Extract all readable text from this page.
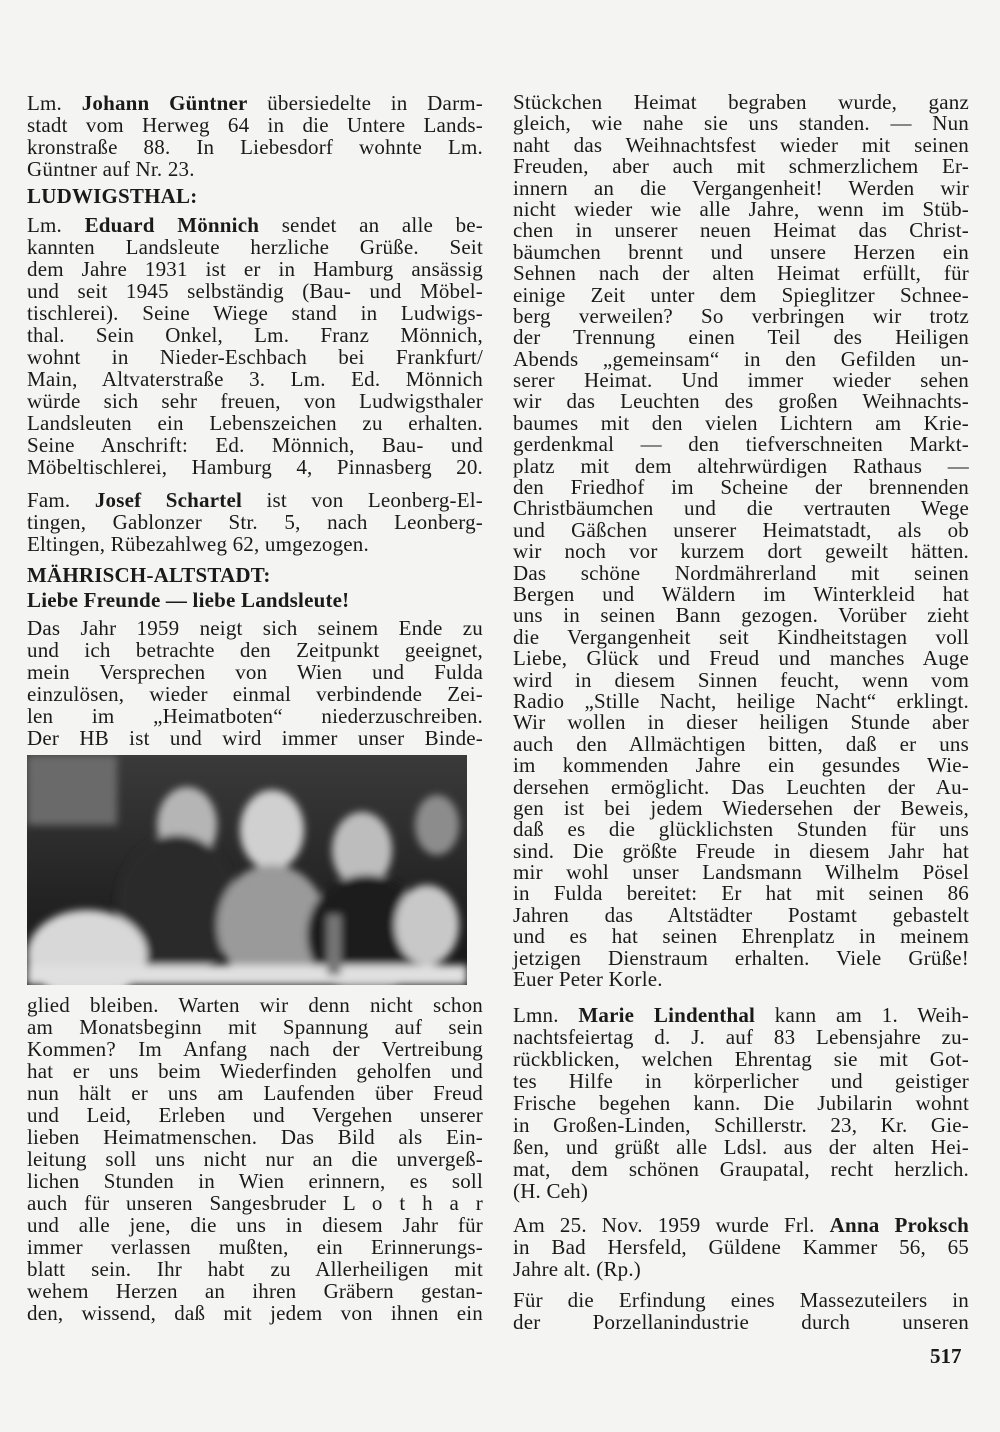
Lm. Johann Güntner übersiedelte in Darm-
stadt vom Herweg 64 in die Untere Lands-
kronstraße 88. In Liebesdorf wohnte Lm.
Güntner auf Nr. 23.
LUDWIGSTHAL:
Lm. Eduard Mönnich sendet an alle be-
kannten Landsleute herzliche Grüße. Seit
dem Jahre 1931 ist er in Hamburg ansässig
und seit 1945 selbständig (Bau- und Möbel-
tischlerei). Seine Wiege stand in Ludwigs-
thal. Sein Onkel, Lm. Franz Mönnich,
wohnt in Nieder-Eschbach bei Frankfurt/
Main, Altvaterstraße 3. Lm. Ed. Mönnich
würde sich sehr freuen, von Ludwigsthaler
Landsleuten ein Lebenszeichen zu erhalten.
Seine Anschrift: Ed. Mönnich, Bau- und
Möbeltischlerei, Hamburg 4, Pinnasberg 20.
Fam. Josef Schartel ist von Leonberg-El-
tingen, Gablonzer Str. 5, nach Leonberg-
Eltingen, Rübezahlweg 62, umgezogen.
MÄHRISCH-ALTSTADT:
Liebe Freunde — liebe Landsleute!
Das Jahr 1959 neigt sich seinem Ende zu
und ich betrachte den Zeitpunkt geeignet,
mein Versprechen von Wien und Fulda
einzulösen, wieder einmal verbindende Zei-
len im „Heimatboten“ niederzuschreiben.
Der HB ist und wird immer unser Binde-
glied bleiben. Warten wir denn nicht schon
am Monatsbeginn mit Spannung auf sein
Kommen? Im Anfang nach der Vertreibung
hat er uns beim Wiederfinden geholfen und
nun hält er uns am Laufenden über Freud
und Leid, Erleben und Vergehen unserer
lieben Heimatmenschen. Das Bild als Ein-
leitung soll uns nicht nur an die unvergeß-
lichen Stunden in Wien erinnern, es soll
auch für unseren Sangesbruder L o t h a r
und alle jene, die uns in diesem Jahr für
immer verlassen mußten, ein Erinnerungs-
blatt sein. Ihr habt zu Allerheiligen mit
wehem Herzen an ihren Gräbern gestan-
den, wissend, daß mit jedem von ihnen ein
Stückchen Heimat begraben wurde, ganz
gleich, wie nahe sie uns standen. — Nun
naht das Weihnachtsfest wieder mit seinen
Freuden, aber auch mit schmerzlichem Er-
innern an die Vergangenheit! Werden wir
nicht wieder wie alle Jahre, wenn im Stüb-
chen in unserer neuen Heimat das Christ-
bäumchen brennt und unsere Herzen ein
Sehnen nach der alten Heimat erfüllt, für
einige Zeit unter dem Spieglitzer Schnee-
berg verweilen? So verbringen wir trotz
der Trennung einen Teil des Heiligen
Abends „gemeinsam“ in den Gefilden un-
serer Heimat. Und immer wieder sehen
wir das Leuchten des großen Weihnachts-
baumes mit den vielen Lichtern am Krie-
gerdenkmal — den tiefverschneiten Markt-
platz mit dem altehrwürdigen Rathaus —
den Friedhof im Scheine der brennenden
Christbäumchen und die vertrauten Wege
und Gäßchen unserer Heimatstadt, als ob
wir noch vor kurzem dort geweilt hätten.
Das schöne Nordmährerland mit seinen
Bergen und Wäldern im Winterkleid hat
uns in seinen Bann gezogen. Vorüber zieht
die Vergangenheit seit Kindheitstagen voll
Liebe, Glück und Freud und manches Auge
wird in diesem Sinnen feucht, wenn vom
Radio „Stille Nacht, heilige Nacht“ erklingt.
Wir wollen in dieser heiligen Stunde aber
auch den Allmächtigen bitten, daß er uns
im kommenden Jahre ein gesundes Wie-
dersehen ermöglicht. Das Leuchten der Au-
gen ist bei jedem Wiedersehen der Beweis,
daß es die glücklichsten Stunden für uns
sind. Die größte Freude in diesem Jahr hat
mir wohl unser Landsmann Wilhelm Pösel
in Fulda bereitet: Er hat mit seinen 86
Jahren das Altstädter Postamt gebastelt
und es hat seinen Ehrenplatz in meinem
jetzigen Dienstraum erhalten. Viele Grüße!
Euer Peter Korle.
Lmn. Marie Lindenthal kann am 1. Weih-
nachtsfeiertag d. J. auf 83 Lebensjahre zu-
rückblicken, welchen Ehrentag sie mit Got-
tes Hilfe in körperlicher und geistiger
Frische begehen kann. Die Jubilarin wohnt
in Großen-Linden, Schillerstr. 23, Kr. Gie-
ßen, und grüßt alle Ldsl. aus der alten Hei-
mat, dem schönen Graupatal, recht herzlich.
(H. Ceh)
Am 25. Nov. 1959 wurde Frl. Anna Proksch
in Bad Hersfeld, Güldene Kammer 56, 65
Jahre alt. (Rp.)
Für die Erfindung eines Massezuteilers in
der Porzellanindustrie durch unseren
517
